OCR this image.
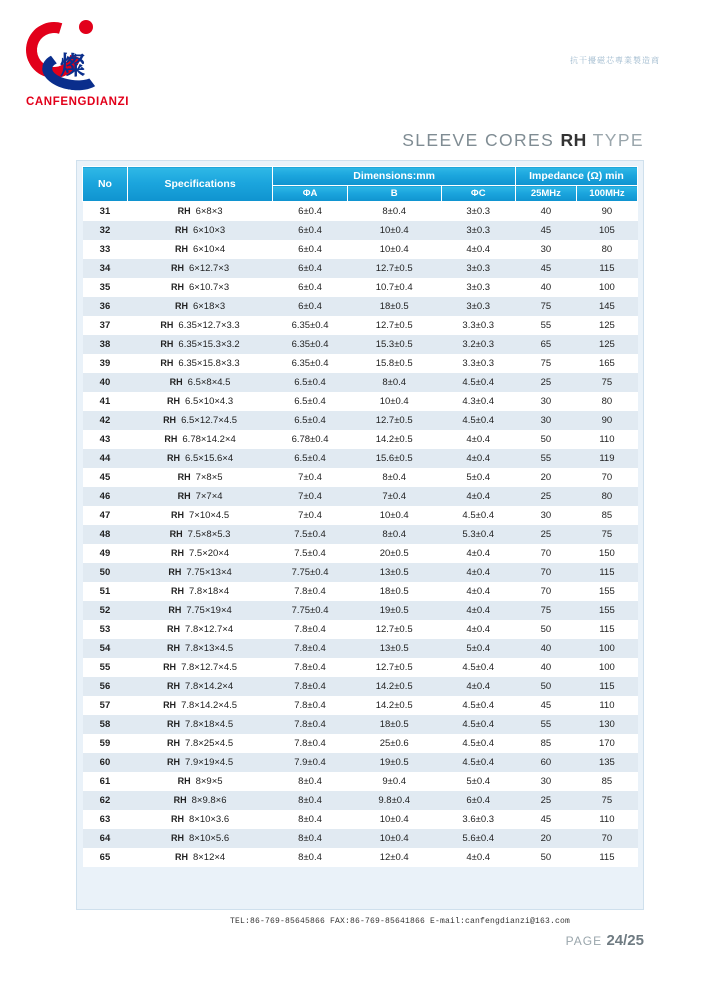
燦
CANFENGDIANZI
抗干擾磁芯專業製造商
SLEEVE CORES RH TYPE
No	Specifications	Dimensions:mm			Impedance (Ω) min	
		ΦA	B	ΦC	25MHz	100MHz
31	RH 6×8×3	6±0.4	8±0.4	3±0.3	40	90
32	RH 6×10×3	6±0.4	10±0.4	3±0.3	45	105
33	RH 6×10×4	6±0.4	10±0.4	4±0.4	30	80
34	RH 6×12.7×3	6±0.4	12.7±0.5	3±0.3	45	115
35	RH 6×10.7×3	6±0.4	10.7±0.4	3±0.3	40	100
36	RH 6×18×3	6±0.4	18±0.5	3±0.3	75	145
37	RH 6.35×12.7×3.3	6.35±0.4	12.7±0.5	3.3±0.3	55	125
38	RH 6.35×15.3×3.2	6.35±0.4	15.3±0.5	3.2±0.3	65	125
39	RH 6.35×15.8×3.3	6.35±0.4	15.8±0.5	3.3±0.3	75	165
40	RH 6.5×8×4.5	6.5±0.4	8±0.4	4.5±0.4	25	75
41	RH 6.5×10×4.3	6.5±0.4	10±0.4	4.3±0.4	30	80
42	RH 6.5×12.7×4.5	6.5±0.4	12.7±0.5	4.5±0.4	30	90
43	RH 6.78×14.2×4	6.78±0.4	14.2±0.5	4±0.4	50	110
44	RH 6.5×15.6×4	6.5±0.4	15.6±0.5	4±0.4	55	119
45	RH 7×8×5	7±0.4	8±0.4	5±0.4	20	70
46	RH 7×7×4	7±0.4	7±0.4	4±0.4	25	80
47	RH 7×10×4.5	7±0.4	10±0.4	4.5±0.4	30	85
48	RH 7.5×8×5.3	7.5±0.4	8±0.4	5.3±0.4	25	75
49	RH 7.5×20×4	7.5±0.4	20±0.5	4±0.4	70	150
50	RH 7.75×13×4	7.75±0.4	13±0.5	4±0.4	70	115
51	RH 7.8×18×4	7.8±0.4	18±0.5	4±0.4	70	155
52	RH 7.75×19×4	7.75±0.4	19±0.5	4±0.4	75	155
53	RH 7.8×12.7×4	7.8±0.4	12.7±0.5	4±0.4	50	115
54	RH 7.8×13×4.5	7.8±0.4	13±0.5	5±0.4	40	100
55	RH 7.8×12.7×4.5	7.8±0.4	12.7±0.5	4.5±0.4	40	100
56	RH 7.8×14.2×4	7.8±0.4	14.2±0.5	4±0.4	50	115
57	RH 7.8×14.2×4.5	7.8±0.4	14.2±0.5	4.5±0.4	45	110
58	RH 7.8×18×4.5	7.8±0.4	18±0.5	4.5±0.4	55	130
59	RH 7.8×25×4.5	7.8±0.4	25±0.6	4.5±0.4	85	170
60	RH 7.9×19×4.5	7.9±0.4	19±0.5	4.5±0.4	60	135
61	RH 8×9×5	8±0.4	9±0.4	5±0.4	30	85
62	RH 8×9.8×6	8±0.4	9.8±0.4	6±0.4	25	75
63	RH 8×10×3.6	8±0.4	10±0.4	3.6±0.3	45	110
64	RH 8×10×5.6	8±0.4	10±0.4	5.6±0.4	20	70
65	RH 8×12×4	8±0.4	12±0.4	4±0.4	50	115
TEL:86-769-85645866 FAX:86-769-85641866 E-mail:canfengdianzi@163.com
PAGE 24/25
